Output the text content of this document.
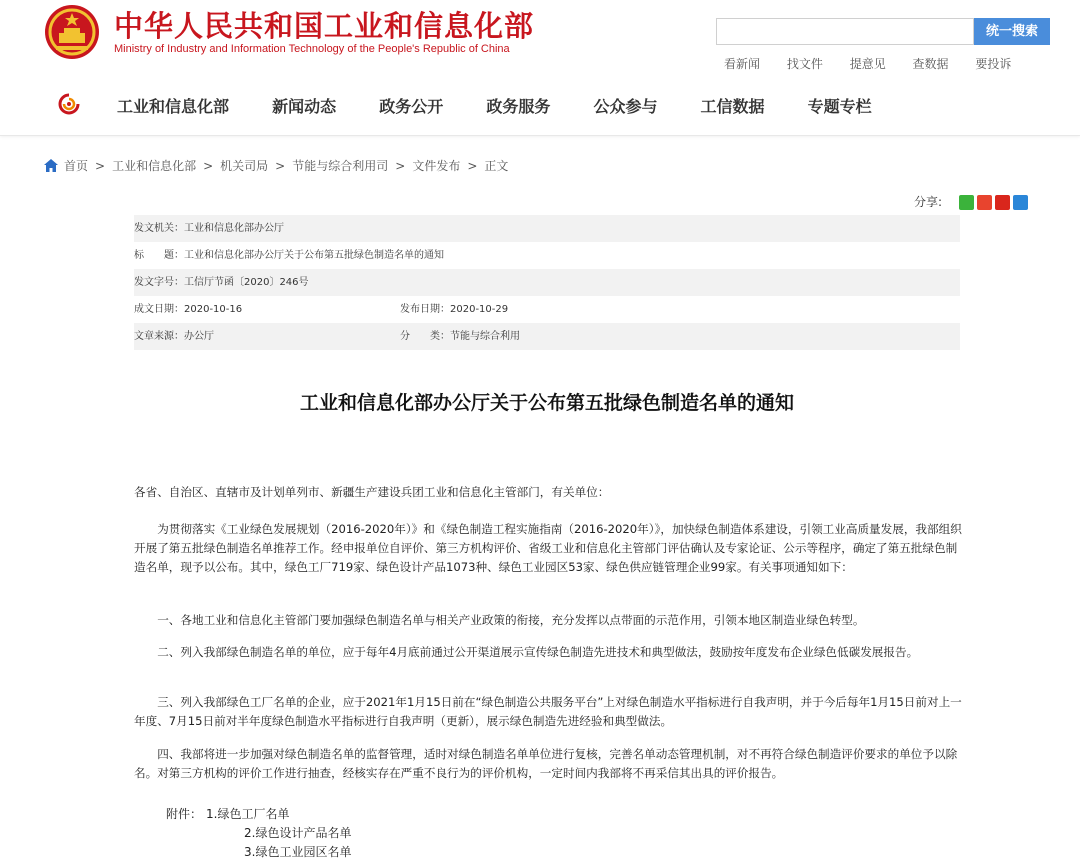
中华人民共和国工业和信息化部
Ministry of Industry and Information Technology of the People's Republic of China
统一搜索
看新闻 找文件 提意见 查数据 要投诉
工业和信息化部	新闻动态	政务公开	政务服务	公众参与	工信数据	专题专栏
首页 > 工业和信息化部 > 机关司局 > 节能与综合利用司 > 文件发布 > 正文
分享:
发文机关：工业和信息化部办公厅
标　　题：工业和信息化部办公厅关于公布第五批绿色制造名单的通知
发文字号：工信厅节函〔2020〕246号
成文日期：2020-10-16	发布日期：2020-10-29
文章来源：办公厅	分　　类：节能与综合利用
工业和信息化部办公厅关于公布第五批绿色制造名单的通知
各省、自治区、直辖市及计划单列市、新疆生产建设兵团工业和信息化主管部门，有关单位：
为贯彻落实《工业绿色发展规划（2016-2020年）》和《绿色制造工程实施指南（2016-2020年）》，加快绿色制造体系建设，引领工业高质量发展，我部组织开展了第五批绿色制造名单推荐工作。经申报单位自评价、第三方机构评价、省级工业和信息化主管部门评估确认及专家论证、公示等程序，确定了第五批绿色制造名单，现予以公布。其中，绿色工厂719家、绿色设计产品1073种、绿色工业园区53家、绿色供应链管理企业99家。有关事项通知如下：
一、各地工业和信息化主管部门要加强绿色制造名单与相关产业政策的衔接，充分发挥以点带面的示范作用，引领本地区制造业绿色转型。
二、列入我部绿色制造名单的单位，应于每年4月底前通过公开渠道展示宣传绿色制造先进技术和典型做法，鼓励按年度发布企业绿色低碳发展报告。
三、列入我部绿色工厂名单的企业，应于2021年1月15日前在“绿色制造公共服务平台”上对绿色制造水平指标进行自我声明，并于今后每年1月15日前对上一年度、7月15日前对半年度绿色制造水平指标进行自我声明（更新），展示绿色制造先进经验和典型做法。
四、我部将进一步加强对绿色制造名单的监督管理，适时对绿色制造名单单位进行复核，完善名单动态管理机制，对不再符合绿色制造评价要求的单位予以除名。对第三方机构的评价工作进行抽查，经核实存在严重不良行为的评价机构，一定时间内我部将不再采信其出具的评价报告。
附件： 1.绿色工厂名单
2.绿色设计产品名单
3.绿色工业园区名单
